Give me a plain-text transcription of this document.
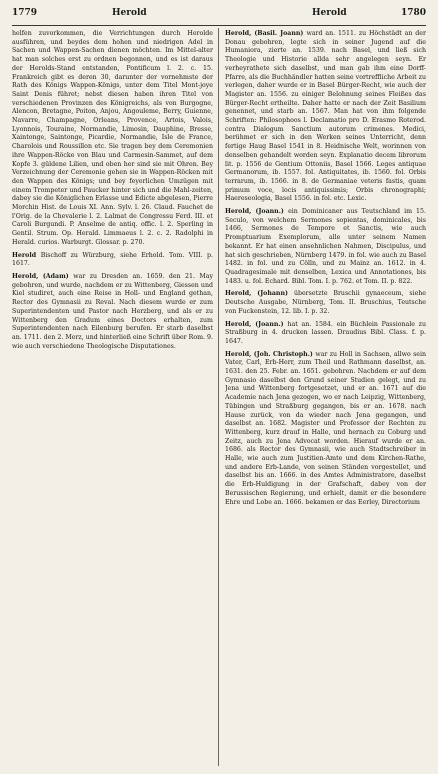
1779	Herold	Herold	1780

helfen zuvorkommen, die Verrichtungen durch Herolde ausführen, und beydes dem hohen und niedrigen Adel in Sachen und Wappen-Sachen dienen möchten. Im Mittel-alter hat man solches erst zu ordnen begonnen, und es ist daraus der Herolds-Stand entstanden, Pontificum l. 2. c. 15. Frankreich gibt es deren 30, darunter der vornehmste der Rath des Königs Wappen-Königs, unter dem Titel Mont-joye Saint Denis führet; nebst diesen haben ihren Titel von verschiedenen Provinzen des Königreichs, als von Burgogne, Alencon, Bretagne, Poiton, Anjou, Angouleme, Berry, Guienne, Navarre, Champagne, Orleans, Provence, Artois, Valois, Lyonnois, Touraine, Normandie, Limosin, Dauphine, Bresse, Xaintonge, Saintonge, Picardie, Normandie, Isle de France, Charolois und Roussillon etc. Sie tragen bey dem Ceremonien ihre Wappen-Röcke von Blau und Carmesin-Sammet, auf dem Kopfe 3. güldene Lilien, und oben her sind sie mit Ohren. Bey Verzeichnung der Ceremonie gehen sie in Wappen-Röcken mit den Wappen des Königs; und bey feyerlichen Umzügen mit einem Trompeter und Paucker hinter sich und die Mahl-zeiten, dabey sie die Königlichen Erlasse und Edicte abgelesen, Pierre Morchin Hist. de Louis XI. Ann. Sylv. l. 26. Claud. Fauchet de l'Orig. de la Chevalerie l. 2. Lalmat de Congressu Ferd. III. et Caroli Burgundi. P. Anselme de antiq. offic. l. 2. Sperling in Gentil. Strum. Op. Herald. Limmaeus l. 2. c. 2. Radolphi in Herald. curios. Warburgt. Glossar. p. 270.

Herold Bischoff zu Würzburg, siehe Erhold. Tom. VIII. p. 1617.

Herold, (Adam) war zu Dresden an. 1659. den 21. May gebohren, und wurde, nachdem er zu Wittenberg, Giessen und Kiel studiret, auch eine Reise in Holl- und England gethan, Rector des Gymnasii zu Reval. Nach diesem wurde er zum Superintendenten und Pastor nach Herzberg, und als er zu Wittenberg den Gradum eines Doctors erhalten, zum Superintendenten nach Eilenburg berufen. Er starb daselbst an. 1711. den 2. Merz, und hinterließ eine Schrift über Rom. 9. wie auch verschiedene Theologische Disputationes.

Herold, (Basil. Joann) ward an. 1511. zu Höchstädt an der Donau gebohren, legte sich in seiner Jugend auf die Humaniora, zierte an. 1539. nach Basel, und ließ sich Theologie und Historie allda sehr angelegen seyn. Er verheyrathete sich daselbst, und man gab ihm eine Dorff-Pfarre, als die Buchhändler hatten seine vortreffliche Arbeit zu verlegen, daher wurde er in Basel Bürger-Recht, wie auch der Magister an. 1556. zu einiger Belohnung seines Fleißes das Bürger-Recht ertheilte. Daher hatte er nach der Zeit Basilium genennet, und starb an. 1567. Man hat von ihm folgende Schriften: Philosophoos l. Declamatio pro D. Erasmo Roterod. contra Dialogum Sanctium autorum crimenes. Medici, berühmet er sich in den Werken seines Unterricht, denn fertige Haug Basel 1541 in 8. Heidnische Welt, worinnen von denselben gehandelt worden seyn. Explanatio decem librorum lit. p. 1556 de Gentium Ottoniis, Basel 1566. Leges antiquae Germanorum, ib. 1557. fol. Antiquitates, ib. 1560. fol. Orbis terrarum, ib. 1566. in 8. de Germaniae veteris fastis, quam primum voce, locis antiquissimis; Orbis chronographi; Haereseologia, Basel 1556. in fol. etc. Lexic.

Herold, (Joann.) ein Dominicaner aus Teutschland im 15. Seculo, von welchem Sermones sopientas, dominicales, bis 1466, Sermones de Tempore et Sanctis, wie auch Promptuarium Exemplorum, alle unter seinem Namen bekannt. Er hat einen ansehnlichen Nahmen, Discipulus, und hat sich geschrieben, Nürnberg 1479. in fol. wie auch zu Basel 1482. in fol. und zu Cölln, und zu Mainz an. 1612. in 4. Quadragesimale mit denselben, Lexica und Annotationes, bis 1483. u. fol. Echard. Bibl. Tom. I. p. 762. et Tom. II. p. 822.

Herold, (Johann) übersetzte Bruschii gynaeceum, siehe Deutsche Ausgabe, Nürnberg, Tom. II. Bruschius, Teutsche von Fuckenstein, 12. lib. I. p. 32.

Herold, (Joann.) hat an. 1584. ein Büchlein Passionale zu Straßburg in 4. drucken lassen. Draudius Bibl. Class. f. p. 1647.

Herold, (Joh. Christoph.) war zu Holl in Sachsen, allwo sein Vater, Carl, Erb-Herr, zum Theil und Rathmann daselbst, an. 1631. den 25. Febr. an. 1651. gebohren. Nachdem er auf dem Gymnasio daselbst den Grund seiner Studien gelegt, und zu Jena und Wittenberg fortgesetzet, und er an. 1671 auf die Academie nach Jena gezogen, wo er nach Leipzig, Wittenberg, Tübingen und Straßburg gegangen, bis er an. 1678. nach Hause zurück, von da wieder nach Jena gegangen, und daselbst an. 1682. Magister und Professor der Rechten zu Wittenberg, kurz drauf in Halle, und hernach zu Coburg und Zeitz, auch zu Jena Advocat worden. Hierauf wurde er an. 1686. als Rector des Gymnasii, wie auch Stadtschreiber in Halle, wie auch zum Justitien-Amte und dem Kirchen-Rathe, und andere Erb-Lande, von seinen Ständen vorgestellet, und daselbst bis an. 1666. in des Amtes Administratore, daselbst die Erb-Huldigung in der Grafschaft, dabey von der Berussischen Regierung, und erhielt, damit er die besondere Ehre und Lobe an. 1666. bekamen er das Eerley, Directorium
